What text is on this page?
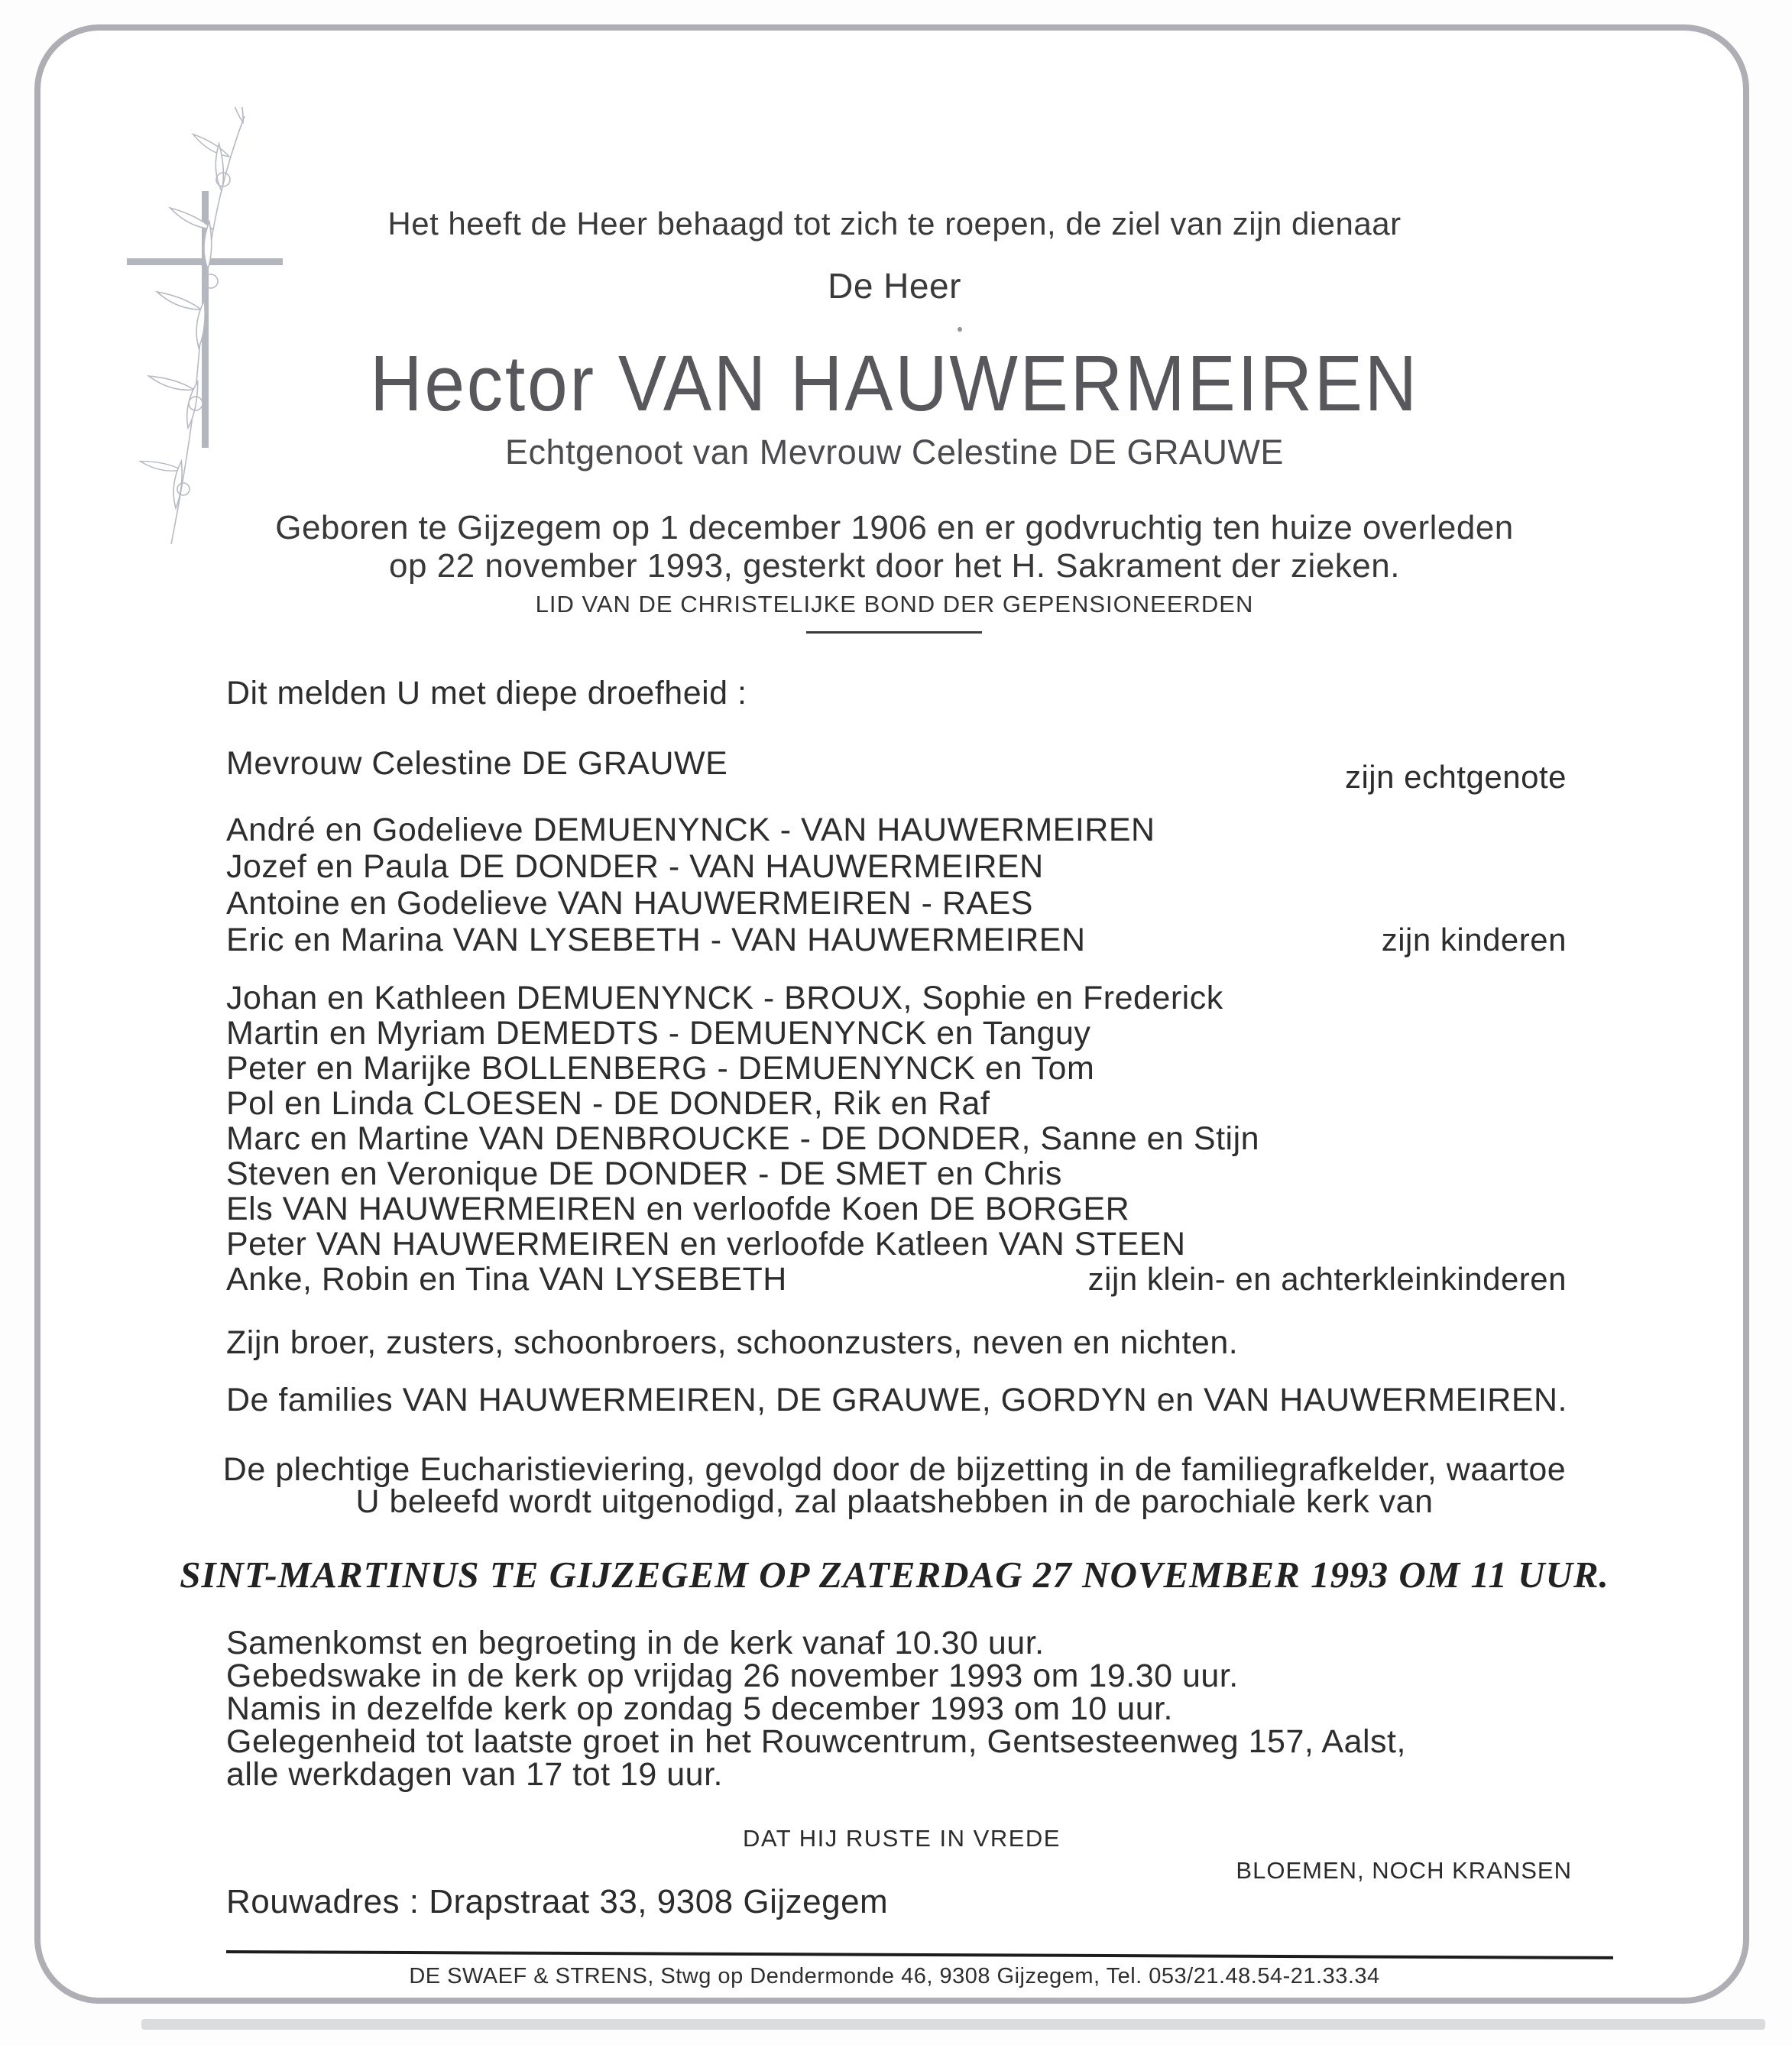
Het heeft de Heer behaagd tot zich te roepen, de ziel van zijn dienaar
De Heer
Hector VAN HAUWERMEIREN
Echtgenoot van Mevrouw Celestine DE GRAUWE
Geboren te Gijzegem op 1 december 1906 en er godvruchtig ten huize overleden
op 22 november 1993, gesterkt door het H. Sakrament der zieken.
LID VAN DE CHRISTELIJKE BOND DER GEPENSIONEERDEN
Dit melden U met diepe droefheid :
Mevrouw Celestine DE GRAUWE	zijn echtgenote
André en Godelieve DEMUENYNCK - VAN HAUWERMEIREN
Jozef en Paula DE DONDER - VAN HAUWERMEIREN
Antoine en Godelieve VAN HAUWERMEIREN - RAES
Eric en Marina VAN LYSEBETH - VAN HAUWERMEIREN	zijn kinderen
Johan en Kathleen DEMUENYNCK - BROUX, Sophie en Frederick
Martin en Myriam DEMEDTS - DEMUENYNCK en Tanguy
Peter en Marijke BOLLENBERG - DEMUENYNCK en Tom
Pol en Linda CLOESEN - DE DONDER, Rik en Raf
Marc en Martine VAN DENBROUCKE - DE DONDER, Sanne en Stijn
Steven en Veronique DE DONDER - DE SMET en Chris
Els VAN HAUWERMEIREN en verloofde Koen DE BORGER
Peter VAN HAUWERMEIREN en verloofde Katleen VAN STEEN
Anke, Robin en Tina VAN LYSEBETH	zijn klein- en achterkleinkinderen
Zijn broer, zusters, schoonbroers, schoonzusters, neven en nichten.
De families VAN HAUWERMEIREN, DE GRAUWE, GORDYN en VAN HAUWERMEIREN.
De plechtige Eucharistieviering, gevolgd door de bijzetting in de familiegrafkelder, waartoe
U beleefd wordt uitgenodigd, zal plaatshebben in de parochiale kerk van
SINT-MARTINUS TE GIJZEGEM OP ZATERDAG 27 NOVEMBER 1993 OM 11 UUR.
Samenkomst en begroeting in de kerk vanaf 10.30 uur.
Gebedswake in de kerk op vrijdag 26 november 1993 om 19.30 uur.
Namis in dezelfde kerk op zondag 5 december 1993 om 10 uur.
Gelegenheid tot laatste groet in het Rouwcentrum, Gentsesteenweg 157, Aalst,
alle werkdagen van 17 tot 19 uur.
DAT HIJ RUSTE IN VREDE
BLOEMEN, NOCH KRANSEN
Rouwadres : Drapstraat 33, 9308 Gijzegem
DE SWAEF & STRENS, Stwg op Dendermonde 46, 9308 Gijzegem, Tel. 053/21.48.54-21.33.34
